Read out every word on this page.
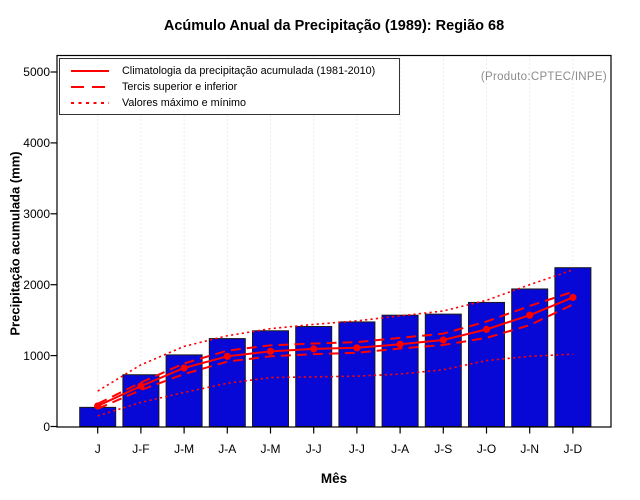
Acúmulo Anual da Precipitação (1989): Região 68
(Produto:CPTEC/INPE)
Precipitação acumulada (mm)
Mês
Climatologia da precipitação acumulada (1981-2010)
Tercis superior e inferior
Valores máximo e mínimo
0
1000
2000
3000
4000
5000
J	J-F	J-M	J-A	J-M	J-J	J-J	J-A	J-S	J-O	J-N	J-D
